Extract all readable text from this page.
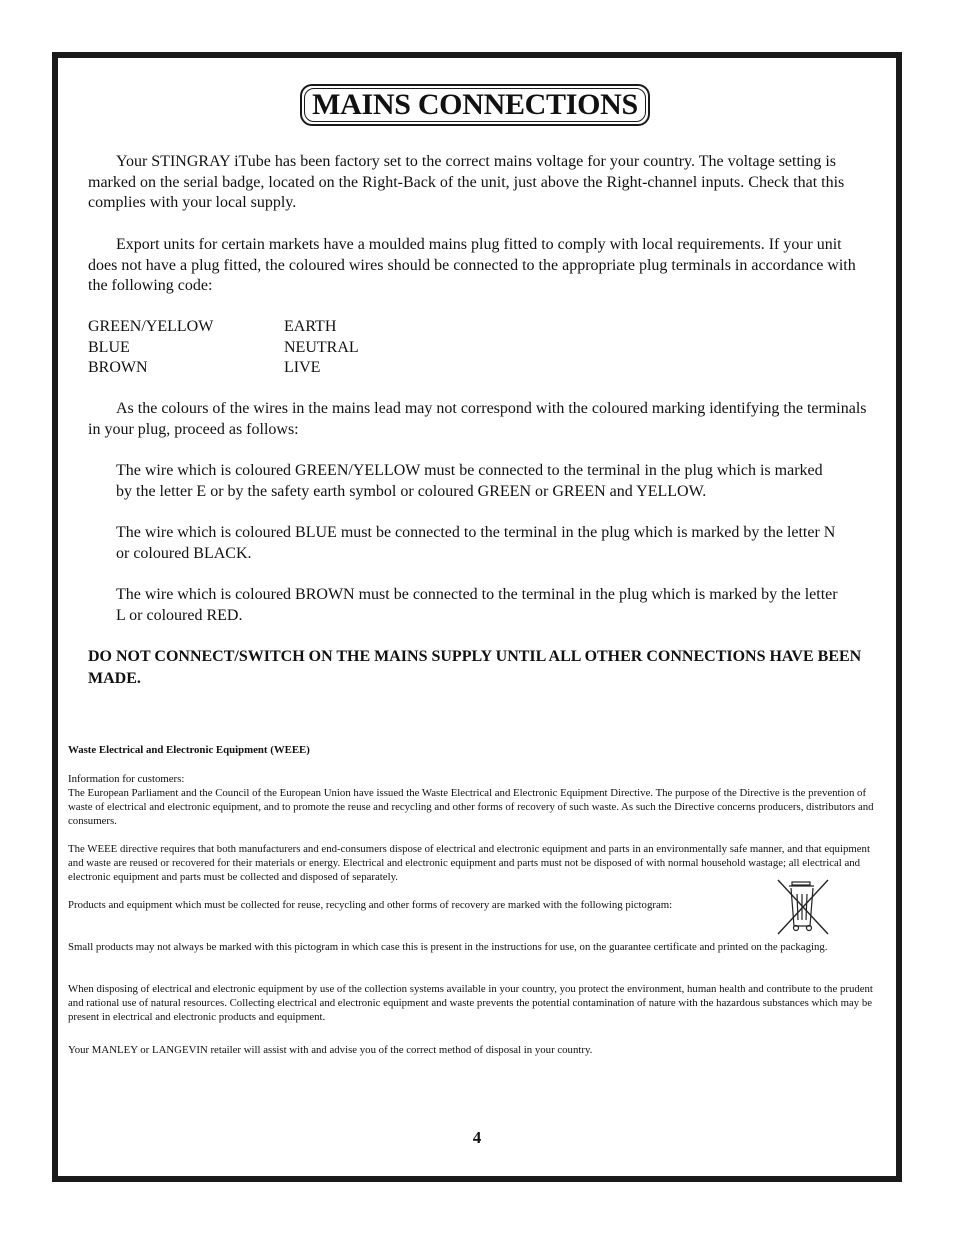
MAINS CONNECTIONS

Your STINGRAY iTube has been factory set to the correct mains voltage for your country. The voltage setting is marked on the serial badge, located on the Right-Back of the unit, just above the Right-channel inputs. Check that this complies with your local supply.

Export units for certain markets have a moulded mains plug fitted to comply with local requirements. If your unit does not have a plug fitted, the coloured wires should be connected to the appropriate plug terminals in accordance with the following code:

GREEN/YELLOW	EARTH
BLUE	NEUTRAL
BROWN	LIVE

As the colours of the wires in the mains lead may not correspond with the coloured marking identifying the terminals in your plug, proceed as follows:

The wire which is coloured GREEN/YELLOW must be connected to the terminal in the plug which is marked by the letter E or by the safety earth symbol or coloured GREEN or GREEN and YELLOW.

The wire which is coloured BLUE must be connected to the terminal in the plug which is marked by the letter N or coloured BLACK.

The wire which is coloured BROWN must be connected to the terminal in the plug which is marked by the letter L or coloured RED.

DO NOT CONNECT/SWITCH ON THE MAINS SUPPLY UNTIL ALL OTHER CONNECTIONS HAVE BEEN MADE.

Waste Electrical and Electronic Equipment (WEEE)

Information for customers:

The European Parliament and the Council of the European Union have issued the Waste Electrical and Electronic Equipment Directive. The purpose of the Directive is the prevention of waste of electrical and electronic equipment, and to promote the reuse and recycling and other forms of recovery of such waste. As such the Directive concerns producers, distributors and consumers.

The WEEE directive requires that both manufacturers and end-consumers dispose of electrical and electronic equipment and parts in an environmentally safe manner, and that equipment and waste are reused or recovered for their materials or energy. Electrical and electronic equipment and parts must not be disposed of with normal household wastage; all electrical and electronic equipment and parts must be collected and disposed of separately.

Products and equipment which must be collected for reuse, recycling and other forms of recovery are marked with the following pictogram:

Small products may not always be marked with this pictogram in which case this is present in the instructions for use, on the guarantee certificate and printed on the packaging.

When disposing of electrical and electronic equipment by use of the collection systems available in your country, you protect the environment, human health and contribute to the prudent and rational use of natural resources. Collecting electrical and electronic equipment and waste prevents the potential contamination of nature with the hazardous substances which may be present in electrical and electronic products and equipment.

Your MANLEY or LANGEVIN retailer will assist with and advise you of the correct method of disposal in your country.

4
